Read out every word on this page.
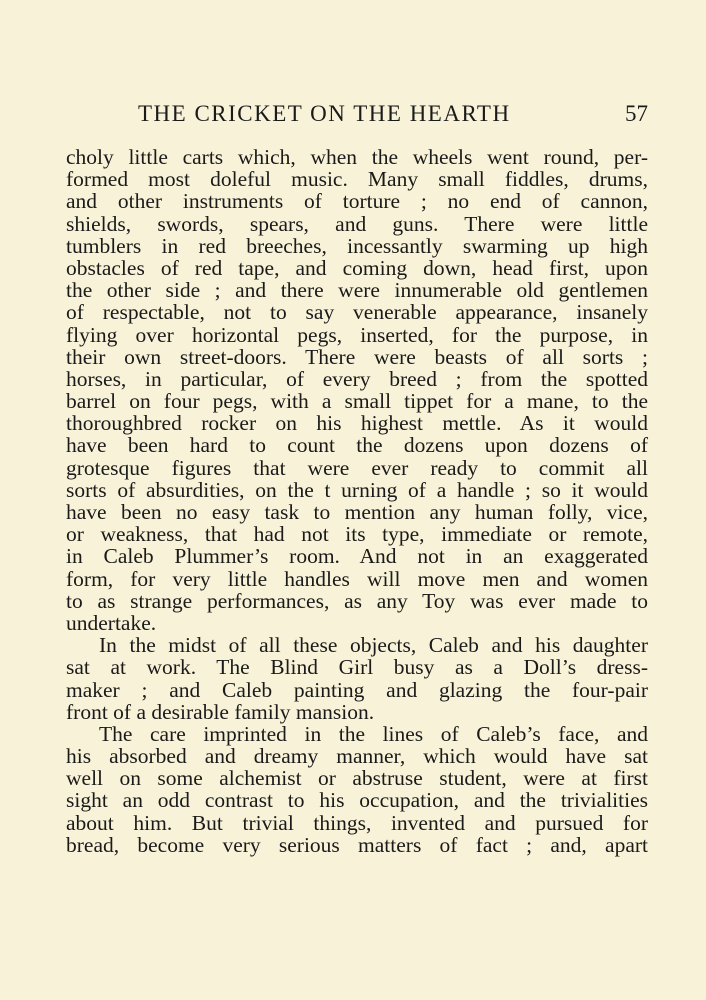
THE CRICKET ON THE HEARTH	57
choly little carts which, when the wheels went round, per-
formed most doleful music. Many small fiddles, drums,
and other instruments of torture ; no end of cannon,
shields, swords, spears, and guns. There were little
tumblers in red breeches, incessantly swarming up high
obstacles of red tape, and coming down, head first, upon
the other side ; and there were innumerable old gentlemen
of respectable, not to say venerable appearance, insanely
flying over horizontal pegs, inserted, for the purpose, in
their own street-doors. There were beasts of all sorts ;
horses, in particular, of every breed ; from the spotted
barrel on four pegs, with a small tippet for a mane, to the
thoroughbred rocker on his highest mettle. As it would
have been hard to count the dozens upon dozens of
grotesque figures that were ever ready to commit all
sorts of absurdities, on the t urning of a handle ; so it would
have been no easy task to mention any human folly, vice,
or weakness, that had not its type, immediate or remote,
in Caleb Plummer’s room. And not in an exaggerated
form, for very little handles will move men and women
to as strange performances, as any Toy was ever made to
undertake.
In the midst of all these objects, Caleb and his daughter
sat at work. The Blind Girl busy as a Doll’s dress-
maker ; and Caleb painting and glazing the four-pair
front of a desirable family mansion.
The care imprinted in the lines of Caleb’s face, and
his absorbed and dreamy manner, which would have sat
well on some alchemist or abstruse student, were at first
sight an odd contrast to his occupation, and the trivialities
about him. But trivial things, invented and pursued for
bread, become very serious matters of fact ; and, apart
